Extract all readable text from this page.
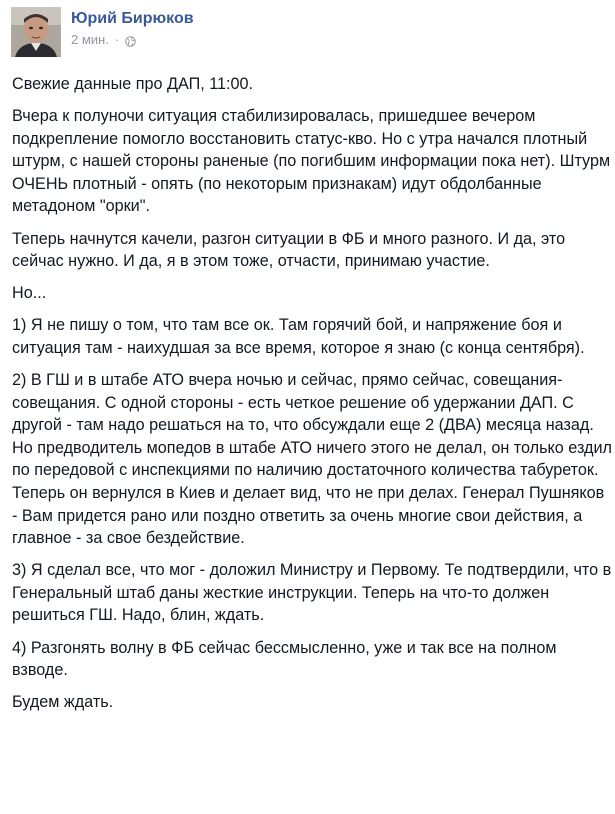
Юрий Бирюков
2 мин. ·

Свежие данные про ДАП, 11:00.

Вчера к полуночи ситуация стабилизировалась, пришедшее вечером подкрепление помогло восстановить статус-кво. Но с утра начался плотный штурм, с нашей стороны раненые (по погибшим информации пока нет). Штурм ОЧЕНЬ плотный - опять (по некоторым признакам) идут обдолбанные метадоном "орки".

Теперь начнутся качели, разгон ситуации в ФБ и много разного. И да, это сейчас нужно. И да, я в этом тоже, отчасти, принимаю участие.

Но...

1) Я не пишу о том, что там все ок. Там горячий бой, и напряжение боя и ситуация там - наихудшая за все время, которое я знаю (с конца сентября).

2) В ГШ и в штабе АТО вчера ночью и сейчас, прямо сейчас, совещания-совещания. С одной стороны - есть четкое решение об удержании ДАП. С другой - там надо решаться на то, что обсуждали еще 2 (ДВА) месяца назад. Но предводитель мопедов в штабе АТО ничего этого не делал, он только ездил по передовой с инспекциями по наличию достаточного количества табуреток. Теперь он вернулся в Киев и делает вид, что не при делах. Генерал Пушняков - Вам придется рано или поздно ответить за очень многие свои действия, а главное - за свое бездействие.

3) Я сделал все, что мог - доложил Министру и Первому. Те подтвердили, что в Генеральный штаб даны жесткие инструкции. Теперь на что-то должен решиться ГШ. Надо, блин, ждать.

4) Разгонять волну в ФБ сейчас бессмысленно, уже и так все на полном взводе.

Будем ждать.
